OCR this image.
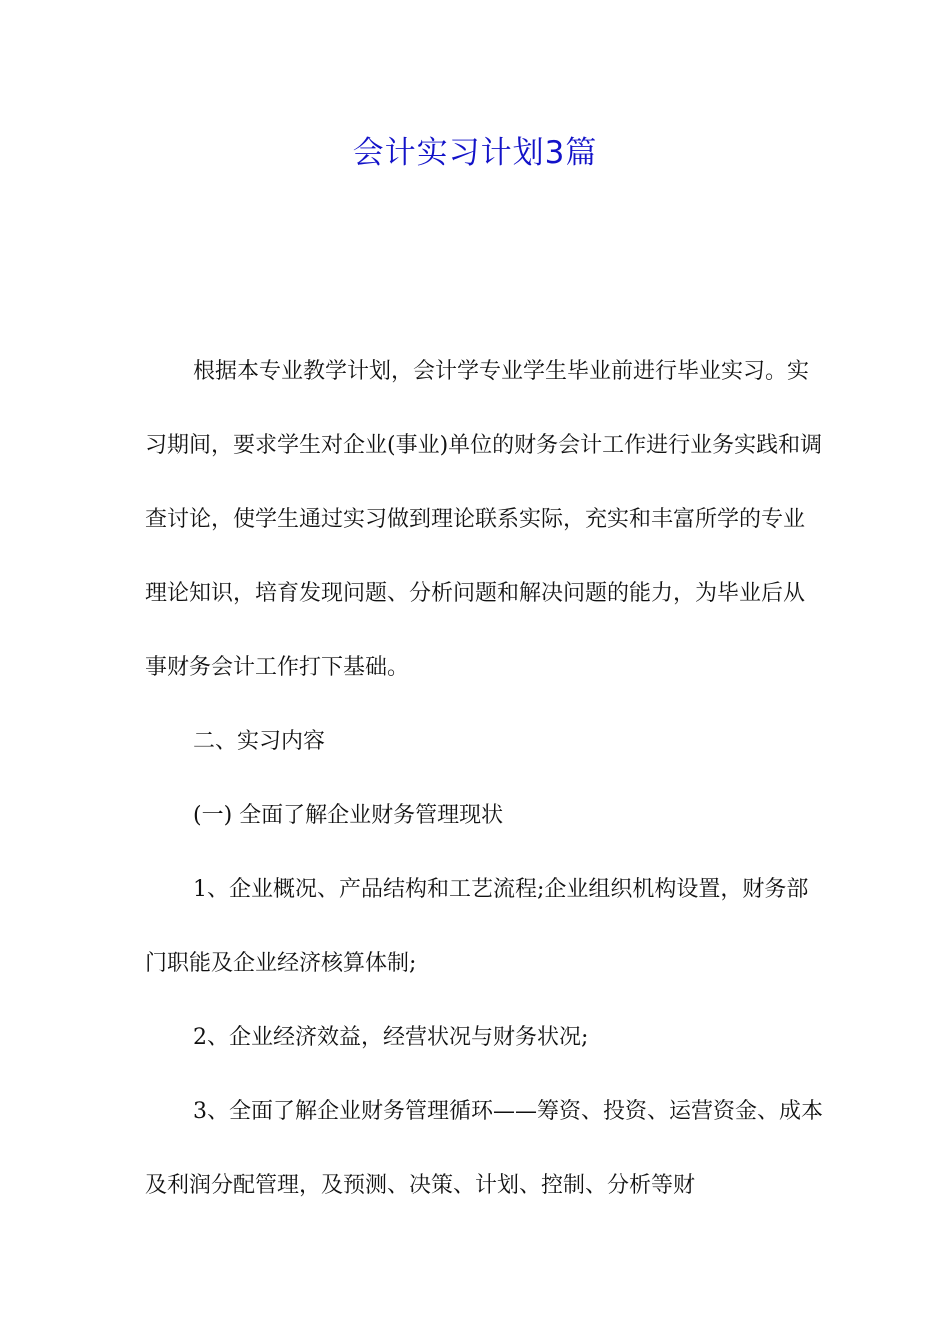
会计实习计划3篇

根据本专业教学计划，会计学专业学生毕业前进行毕业实习。实习期间，要求学生对企业(事业)单位的财务会计工作进行业务实践和调查讨论，使学生通过实习做到理论联系实际，充实和丰富所学的专业理论知识，培育发现问题、分析问题和解决问题的能力，为毕业后从事财务会计工作打下基础。

二、实习内容

(一) 全面了解企业财务管理现状

1、企业概况、产品结构和工艺流程;企业组织机构设置，财务部门职能及企业经济核算体制;

2、企业经济效益，经营状况与财务状况;

3、全面了解企业财务管理循环——筹资、投资、运营资金、成本及利润分配管理，及预测、决策、计划、控制、分析等财
